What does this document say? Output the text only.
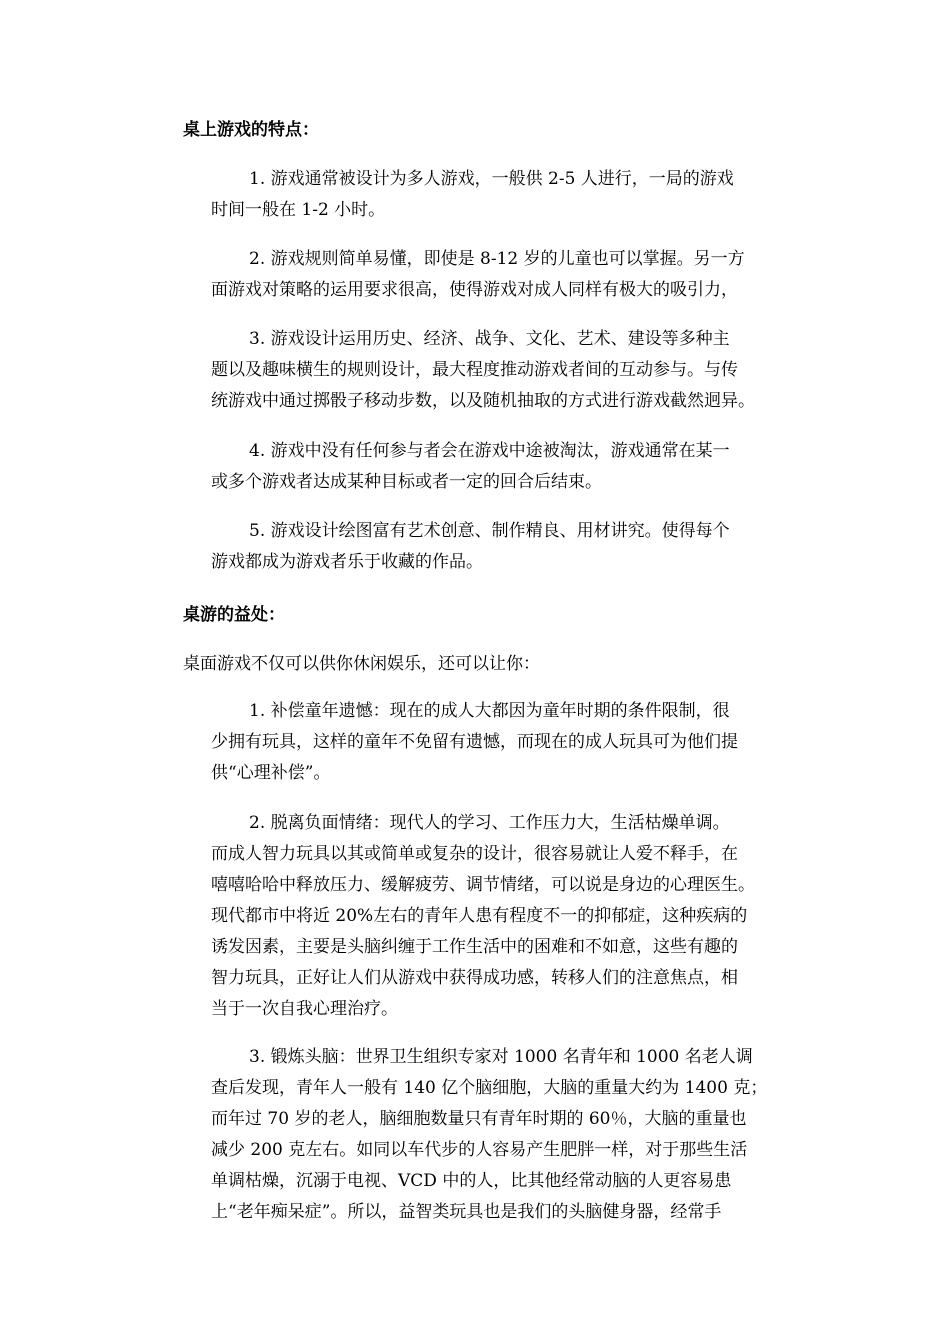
桌上游戏的特点：
1. 游戏通常被设计为多人游戏，一般供 2-5 人进行，一局的游戏
时间一般在 1-2 小时。
2. 游戏规则简单易懂，即使是 8-12 岁的儿童也可以掌握。另一方
面游戏对策略的运用要求很高，使得游戏对成人同样有极大的吸引力，
3. 游戏设计运用历史、经济、战争、文化、艺术、建设等多种主
题以及趣味横生的规则设计，最大程度推动游戏者间的互动参与。与传
统游戏中通过掷骰子移动步数，以及随机抽取的方式进行游戏截然迥异。
4. 游戏中没有任何参与者会在游戏中途被淘汰，游戏通常在某一
或多个游戏者达成某种目标或者一定的回合后结束。
5. 游戏设计绘图富有艺术创意、制作精良、用材讲究。使得每个
游戏都成为游戏者乐于收藏的作品。
桌游的益处：
桌面游戏不仅可以供你休闲娱乐，还可以让你：
1. 补偿童年遗憾：现在的成人大都因为童年时期的条件限制，很
少拥有玩具，这样的童年不免留有遗憾，而现在的成人玩具可为他们提
供“心理补偿”。
2. 脱离负面情绪：现代人的学习、工作压力大，生活枯燥单调。
而成人智力玩具以其或简单或复杂的设计，很容易就让人爱不释手，在
嘻嘻哈哈中释放压力、缓解疲劳、调节情绪，可以说是身边的心理医生。
现代都市中将近 20%左右的青年人患有程度不一的抑郁症，这种疾病的
诱发因素，主要是头脑纠缠于工作生活中的困难和不如意，这些有趣的
智力玩具，正好让人们从游戏中获得成功感，转移人们的注意焦点，相
当于一次自我心理治疗。
3. 锻炼头脑：世界卫生组织专家对 1000 名青年和 1000 名老人调
查后发现，青年人一般有 140 亿个脑细胞，大脑的重量大约为 1400 克；
而年过 70 岁的老人，脑细胞数量只有青年时期的 60％，大脑的重量也
减少 200 克左右。如同以车代步的人容易产生肥胖一样，对于那些生活
单调枯燥，沉溺于电视、VCD 中的人，比其他经常动脑的人更容易患
上“老年痴呆症”。所以，益智类玩具也是我们的头脑健身器，经常手
